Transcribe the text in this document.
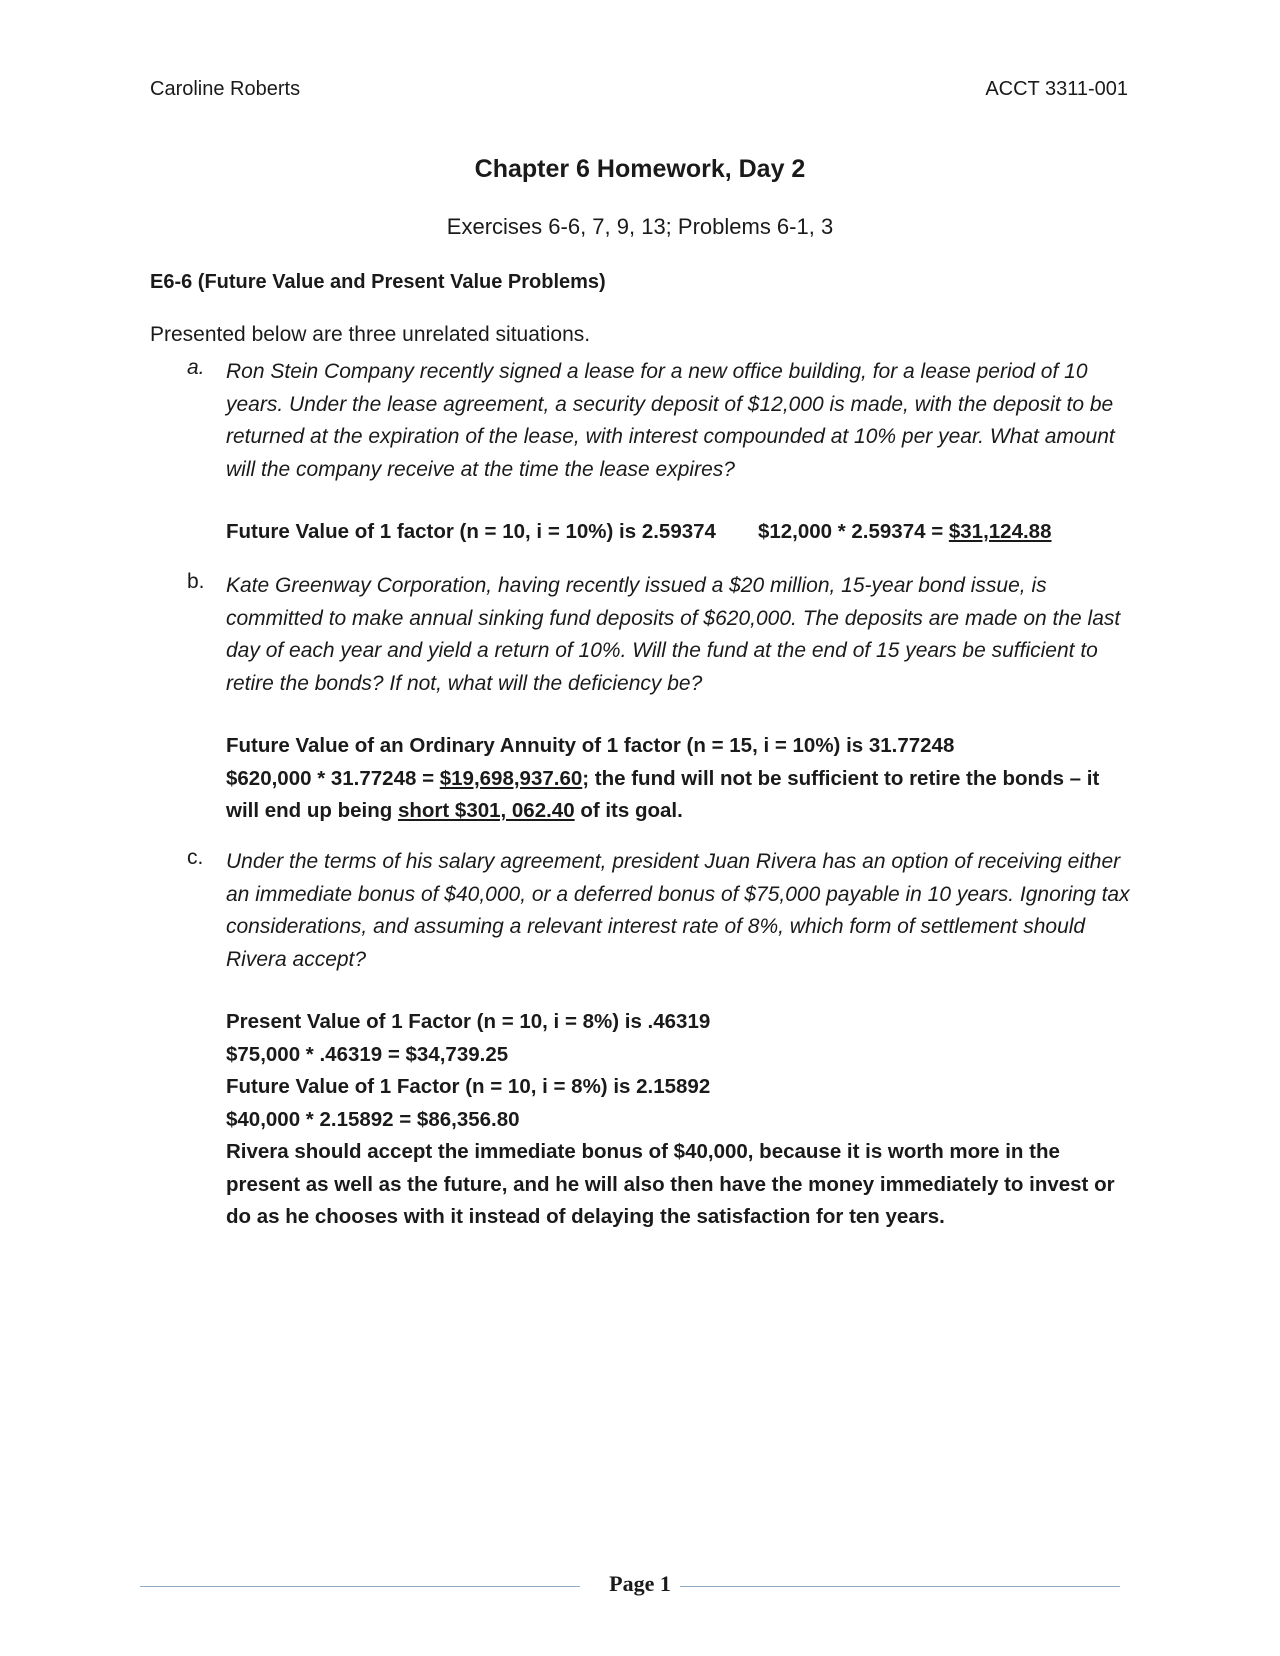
Caroline Roberts	ACCT 3311-001
Chapter 6 Homework, Day 2
Exercises 6-6, 7, 9, 13; Problems 6-1, 3
E6-6 (Future Value and Present Value Problems)
Presented below are three unrelated situations.
a. Ron Stein Company recently signed a lease for a new office building, for a lease period of 10 years. Under the lease agreement, a security deposit of $12,000 is made, with the deposit to be returned at the expiration of the lease, with interest compounded at 10% per year. What amount will the company receive at the time the lease expires?
Future Value of 1 factor (n = 10, i = 10%) is 2.59374 $12,000 * 2.59374 = $31,124.88
b. Kate Greenway Corporation, having recently issued a $20 million, 15-year bond issue, is committed to make annual sinking fund deposits of $620,000. The deposits are made on the last day of each year and yield a return of 10%. Will the fund at the end of 15 years be sufficient to retire the bonds? If not, what will the deficiency be?
Future Value of an Ordinary Annuity of 1 factor (n = 15, i = 10%) is 31.77248
$620,000 * 31.77248 = $19,698,937.60; the fund will not be sufficient to retire the bonds – it will end up being short $301, 062.40 of its goal.
c. Under the terms of his salary agreement, president Juan Rivera has an option of receiving either an immediate bonus of $40,000, or a deferred bonus of $75,000 payable in 10 years. Ignoring tax considerations, and assuming a relevant interest rate of 8%, which form of settlement should Rivera accept?
Present Value of 1 Factor (n = 10, i = 8%) is .46319
$75,000 * .46319 = $34,739.25
Future Value of 1 Factor (n = 10, i = 8%) is 2.15892
$40,000 * 2.15892 = $86,356.80
Rivera should accept the immediate bonus of $40,000, because it is worth more in the present as well as the future, and he will also then have the money immediately to invest or do as he chooses with it instead of delaying the satisfaction for ten years.
Page 1
